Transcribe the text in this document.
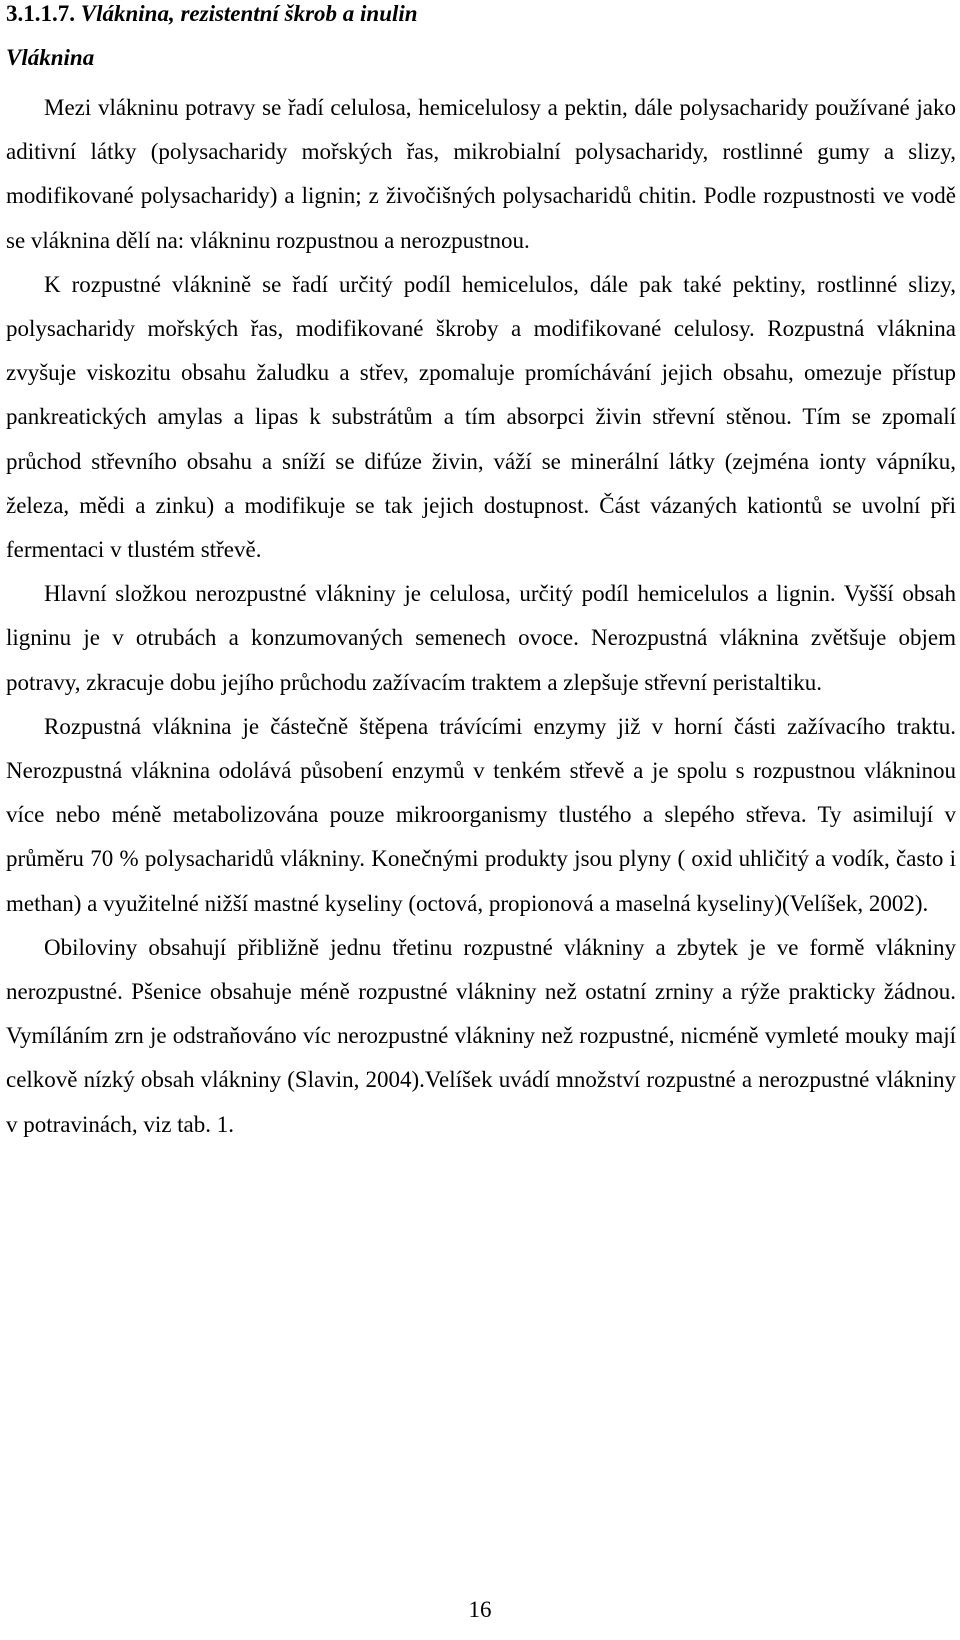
3.1.1.7. Vláknina, rezistentní škrob a inulin
Vláknina

Mezi vlákninu potravy se řadí celulosa, hemicelulosy a pektin, dále polysacharidy používané jako aditivní látky (polysacharidy mořských řas, mikrobialní polysacharidy, rostlinné gumy a slizy, modifikované polysacharidy) a lignin; z živočišných polysacharidů chitin. Podle rozpustnosti ve vodě se vláknina dělí na: vlákninu rozpustnou a nerozpustnou.

K rozpustné vláknině se řadí určitý podíl hemicelulos, dále pak také pektiny, rostlinné slizy, polysacharidy mořských řas, modifikované škroby a modifikované celulosy. Rozpustná vláknina zvyšuje viskozitu obsahu žaludku a střev, zpomaluje promíchávání jejich obsahu, omezuje přístup pankreatických amylas a lipas k substrátům a tím absorpci živin střevní stěnou. Tím se zpomalí průchod střevního obsahu a sníží se difúze živin, váží se minerální látky (zejména ionty vápníku, železa, mědi a zinku) a modifikuje se tak jejich dostupnost. Část vázaných kationtů se uvolní při fermentaci v tlustém střevě.

Hlavní složkou nerozpustné vlákniny je celulosa, určitý podíl hemicelulos a lignin. Vyšší obsah ligninu je v otrubách a konzumovaných semenech ovoce. Nerozpustná vláknina zvětšuje objem potravy, zkracuje dobu jejího průchodu zažívacím traktem a zlepšuje střevní peristaltiku.

Rozpustná vláknina je částečně štěpena trávícími enzymy již v horní části zažívacího traktu. Nerozpustná vláknina odolává působení enzymů v tenkém střevě a je spolu s rozpustnou vlákninou více nebo méně metabolizována pouze mikroorganismy tlustého a slepého střeva. Ty asimilují v průměru 70 % polysacharidů vlákniny. Konečnými produkty jsou plyny ( oxid uhličitý a vodík, často i methan) a využitelné nižší mastné kyseliny (octová, propionová a maselná kyseliny)(Velíšek, 2002).

Obiloviny obsahují přibližně jednu třetinu rozpustné vlákniny a zbytek je ve formě vlákniny nerozpustné. Pšenice obsahuje méně rozpustné vlákniny než ostatní zrniny a rýže prakticky žádnou. Vymíláním zrn je odstraňováno víc nerozpustné vlákniny než rozpustné, nicméně vymleté mouky mají celkově nízký obsah vlákniny (Slavin, 2004).Velíšek uvádí množství rozpustné a nerozpustné vlákniny v potravinách, viz tab. 1.

16
